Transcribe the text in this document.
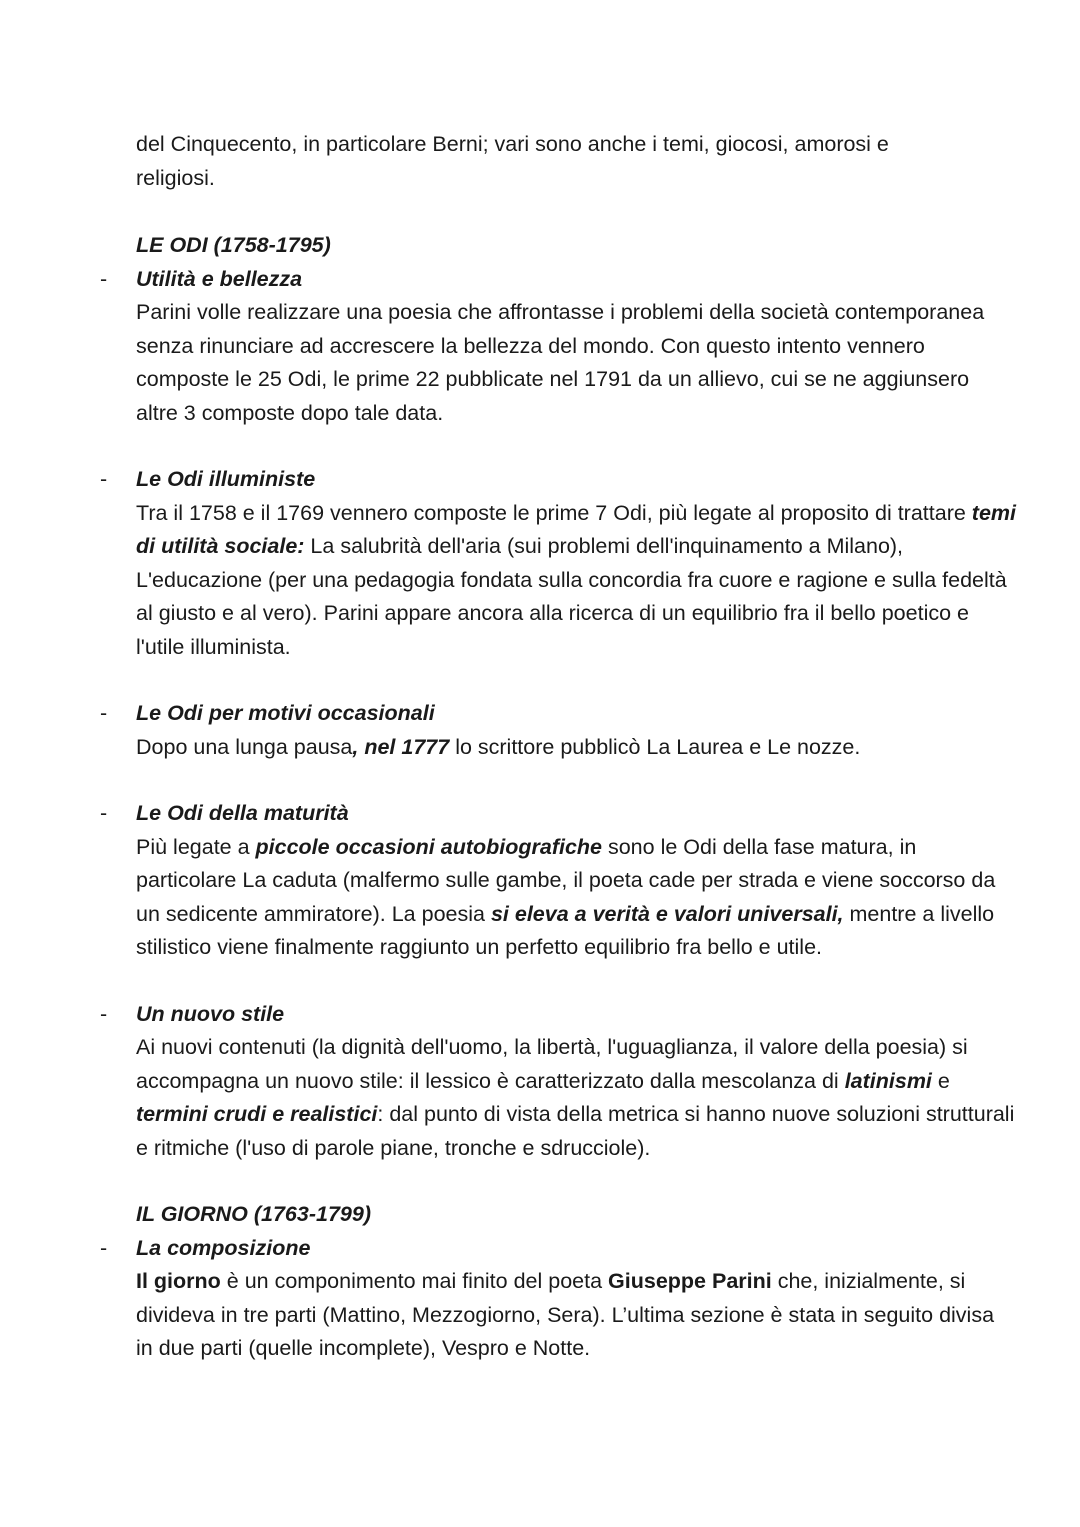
del Cinquecento, in particolare Berni; vari sono anche i temi, giocosi, amorosi e
religiosi.

LE ODI (1758-1795)
-	Utilità e bellezza

Parini volle realizzare una poesia che affrontasse i problemi della società contemporanea senza rinunciare ad accrescere la bellezza del mondo. Con questo intento vennero composte le 25 Odi, le prime 22 pubblicate nel 1791 da un allievo, cui se ne aggiunsero altre 3 composte dopo tale data.

-	Le Odi illuministe

Tra il 1758 e il 1769 vennero composte le prime 7 Odi, più legate al proposito di trattare temi di utilità sociale: La salubrità dell'aria (sui problemi dell'inquinamento a Milano), L'educazione (per una pedagogia fondata sulla concordia fra cuore e ragione e sulla fedeltà al giusto e al vero). Parini appare ancora alla ricerca di un equilibrio fra il bello poetico e l'utile illuminista.

-	Le Odi per motivi occasionali

Dopo una lunga pausa, nel 1777 lo scrittore pubblicò La Laurea e Le nozze.

-	Le Odi della maturità

Più legate a piccole occasioni autobiografiche sono le Odi della fase matura, in particolare La caduta (malfermo sulle gambe, il poeta cade per strada e viene soccorso da un sedicente ammiratore). La poesia si eleva a verità e valori universali, mentre a livello stilistico viene finalmente raggiunto un perfetto equilibrio fra bello e utile.

-	Un nuovo stile

Ai nuovi contenuti (la dignità dell'uomo, la libertà, l'uguaglianza, il valore della poesia) si accompagna un nuovo stile: il lessico è caratterizzato dalla mescolanza di latinismi e termini crudi e realistici: dal punto di vista della metrica si hanno nuove soluzioni strutturali e ritmiche (l'uso di parole piane, tronche e sdrucciole).

IL GIORNO (1763-1799)
-	La composizione

Il giorno è un componimento mai finito del poeta Giuseppe Parini che, inizialmente, si divideva in tre parti (Mattino, Mezzogiorno, Sera). L’ultima sezione è stata in seguito divisa in due parti (quelle incomplete), Vespro e Notte.
